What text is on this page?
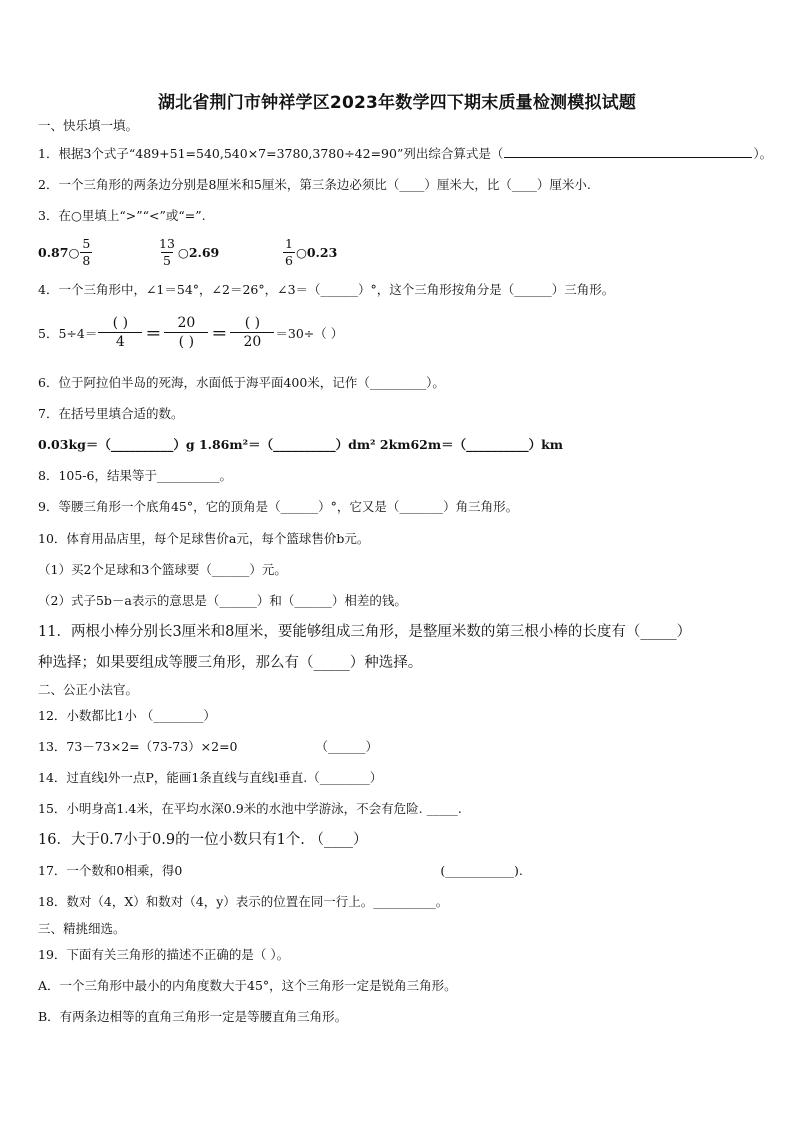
湖北省荆门市钟祥学区2023年数学四下期末质量检测模拟试题
一、快乐填一填。
1．根据3个式子“489+51=540,540×7=3780,3780÷42=90”列出综合算式是（	）。
2．一个三角形的两条边分别是8厘米和5厘米，第三条边必须比（____）厘米大，比（____）厘米小.
3．在○里填上“>”“<”或“=”.
0.87○ $\frac{5}{8}$	$\frac{13}{5}$ ○2.69	$\frac{1}{6}$ ○0.23
4．一个三角形中，∠1＝54°，∠2＝26°，∠3＝（______）°，这个三角形按角分是（______）三角形。
5．$5\div 4= \frac{( )}{4} = \frac{20}{( )} = \frac{( )}{20} =30\div$（ ）
6．位于阿拉伯半岛的死海，水面低于海平面400米，记作（_________）。
7．在括号里填合适的数。
0.03kg＝（__________）g 1.86m²＝（__________）dm² 2km62m＝（__________）km
8．105-6，结果等于__________。
9．等腰三角形一个底角45°，它的顶角是（______）°，它又是（_______）角三角形。
10．体育用品店里，每个足球售价a元，每个篮球售价b元。
（1）买2个足球和3个篮球要（______）元。
（2）式子5b－a表示的意思是（______）和（______）相差的钱。
11．两根小棒分别长3厘米和8厘米，要能够组成三角形，是整厘米数的第三根小棒的长度有（_____）
种选择；如果要组成等腰三角形，那么有（_____）种选择。
二、公正小法官。
12．小数都比1小 （________）
13．73－73×2=（73-73）×2=0	（______）
14．过直线l外一点P，能画1条直线与直线l垂直.（________）
15．小明身高1.4米，在平均水深0.9米的水池中学游泳，不会有危险. _____.
16．大于0.7小于0.9的一位小数只有1个. （____）
17．一个数和0相乘，得0	(___________).
18．数对（4，X）和数对（4，y）表示的位置在同一行上。__________。
三、精挑细选。
19．下面有关三角形的描述不正确的是（ ）。
A．一个三角形中最小的内角度数大于45°，这个三角形一定是锐角三角形。
B．有两条边相等的直角三角形一定是等腰直角三角形。
